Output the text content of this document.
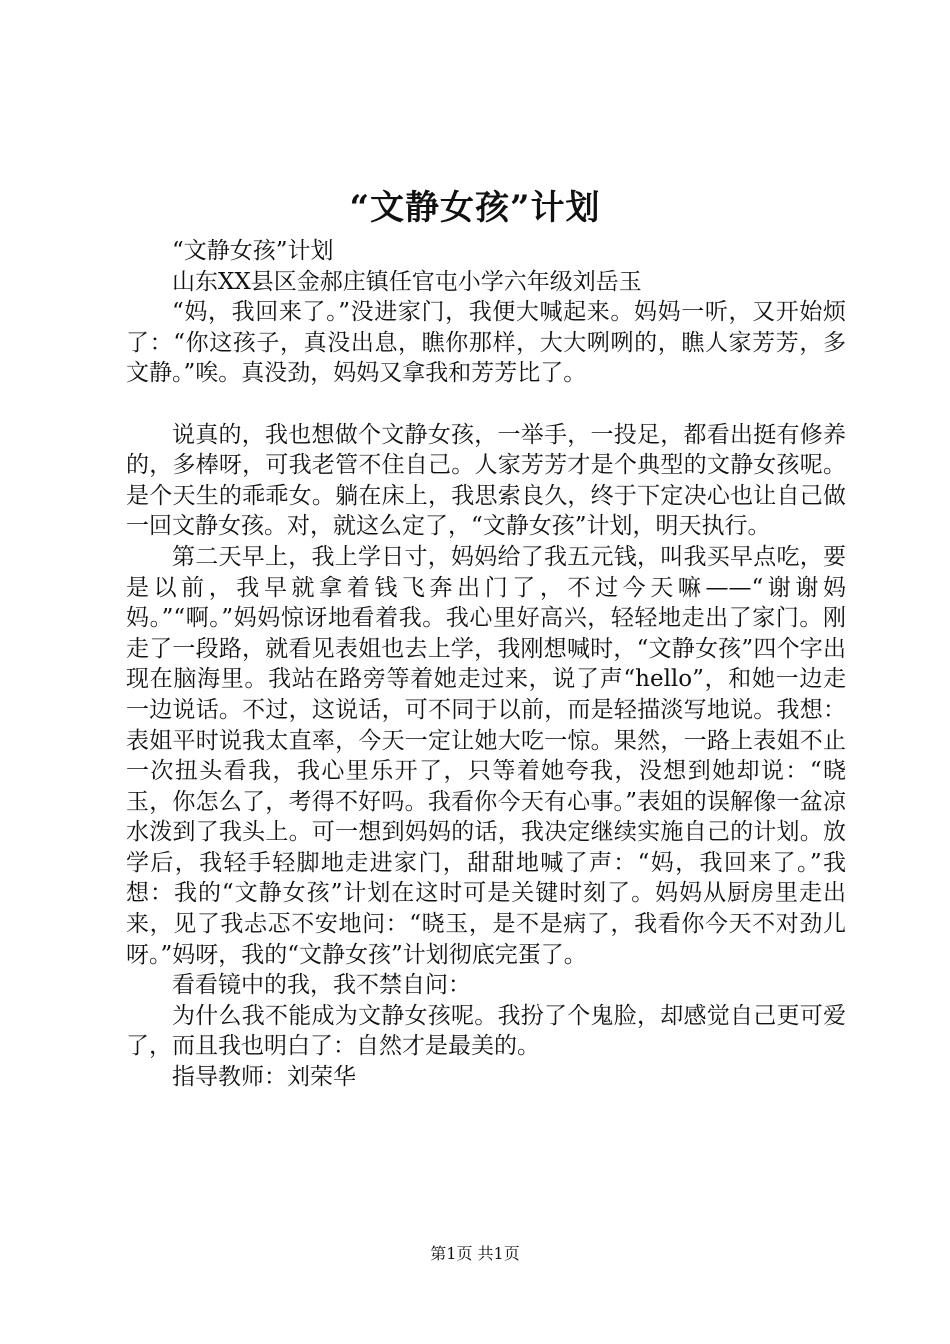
“文静女孩”计划

“文静女孩”计划

山东XX县区金郝庄镇任官屯小学六年级刘岳玉

“妈，我回来了。”没进家门，我便大喊起来。妈妈一听，又开始烦了：“你这孩子，真没出息，瞧你那样，大大咧咧的，瞧人家芳芳，多文静。”唉。真没劲，妈妈又拿我和芳芳比了。

说真的，我也想做个文静女孩，一举手，一投足，都看出挺有修养的，多棒呀，可我老管不住自己。人家芳芳才是个典型的文静女孩呢。是个天生的乖乖女。躺在床上，我思索良久，终于下定决心也让自己做一回文静女孩。对，就这么定了，“文静女孩”计划，明天执行。

第二天早上，我上学日寸，妈妈给了我五元钱，叫我买早点吃，要是以前，我早就拿着钱飞奔出门了，不过今天嘛——“谢谢妈妈。”“啊。”妈妈惊讶地看着我。我心里好高兴，轻轻地走出了家门。刚走了一段路，就看见表姐也去上学，我刚想喊时，“文静女孩”四个字出现在脑海里。我站在路旁等着她走过来，说了声“hello”，和她一边走一边说话。不过，这说话，可不同于以前，而是轻描淡写地说。我想：表姐平时说我太直率，今天一定让她大吃一惊。果然，一路上表姐不止一次扭头看我，我心里乐开了，只等着她夸我，没想到她却说：“晓玉，你怎么了，考得不好吗。我看你今天有心事。”表姐的误解像一盆凉水泼到了我头上。可一想到妈妈的话，我决定继续实施自己的计划。放学后，我轻手轻脚地走进家门，甜甜地喊了声：“妈，我回来了。”我想：我的“文静女孩”计划在这时可是关键时刻了。妈妈从厨房里走出来，见了我忐忑不安地问：“晓玉，是不是病了，我看你今天不对劲儿呀。”妈呀，我的“文静女孩”计划彻底完蛋了。

看看镜中的我，我不禁自问：

为什么我不能成为文静女孩呢。我扮了个鬼脸，却感觉自己更可爱了，而且我也明白了：自然才是最美的。

指导教师：刘荣华

第1页 共1页
